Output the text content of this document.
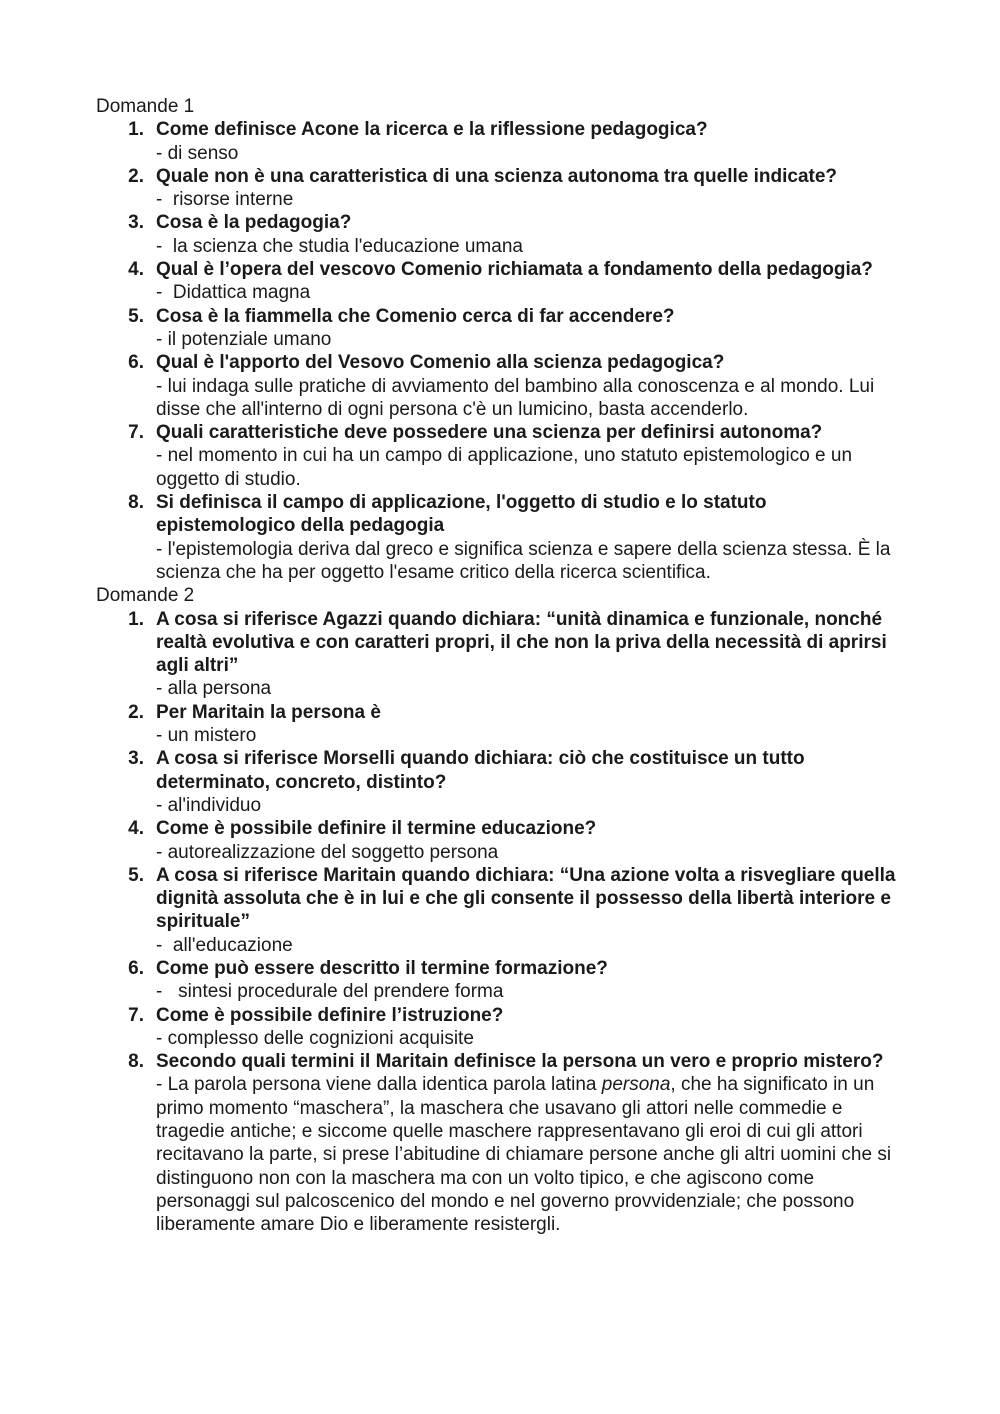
Domande 1
1. Come definisce Acone la ricerca e la riflessione pedagogica?
- di senso
2. Quale non è una caratteristica di una scienza autonoma tra quelle indicate?
-  risorse interne
3. Cosa è la pedagogia?
-  la scienza che studia l'educazione umana
4. Qual è l’opera del vescovo Comenio richiamata a fondamento della pedagogia?
-  Didattica magna
5. Cosa è la fiammella che Comenio cerca di far accendere?
- il potenziale umano
6. Qual è l'apporto del Vesovo Comenio alla scienza pedagogica?
- lui indaga sulle pratiche di avviamento del bambino alla conoscenza e al mondo. Lui disse che all'interno di ogni persona c'è un lumicino, basta accenderlo.
7. Quali caratteristiche deve possedere una scienza per definirsi autonoma?
- nel momento in cui ha un campo di applicazione, uno statuto epistemologico e un oggetto di studio.
8. Si definisca il campo di applicazione, l'oggetto di studio e lo statuto epistemologico della pedagogia
- l'epistemologia deriva dal greco e significa scienza e sapere della scienza stessa. È la scienza che ha per oggetto l'esame critico della ricerca scientifica.
Domande 2
1. A cosa si riferisce Agazzi quando dichiara: “unità dinamica e funzionale, nonché realtà evolutiva e con caratteri propri, il che non la priva della necessità di aprirsi agli altri”
- alla persona
2. Per Maritain la persona è
- un mistero
3. A cosa si riferisce Morselli quando dichiara: ciò che costituisce un tutto determinato, concreto, distinto?
- al'individuo
4. Come è possibile definire il termine educazione?
- autorealizzazione del soggetto persona
5. A cosa si riferisce Maritain quando dichiara: “Una azione volta a risvegliare quella dignità assoluta che è in lui e che gli consente il possesso della libertà interiore e spirituale”
-  all'educazione
6. Come può essere descritto il termine formazione?
-   sintesi procedurale del prendere forma
7. Come è possibile definire l’istruzione?
- complesso delle cognizioni acquisite
8. Secondo quali termini il Maritain definisce la persona un vero e proprio mistero?
- La parola persona viene dalla identica parola latina persona, che ha significato in un primo momento “maschera”, la maschera che usavano gli attori nelle commedie e tragedie antiche; e siccome quelle maschere rappresentavano gli eroi di cui gli attori recitavano la parte, si prese l’abitudine di chiamare persone anche gli altri uomini che si distinguono non con la maschera ma con un volto tipico, e che agiscono come personaggi sul palcoscenico del mondo e nel governo provvidenziale; che possono liberamente amare Dio e liberamente resistergli.
